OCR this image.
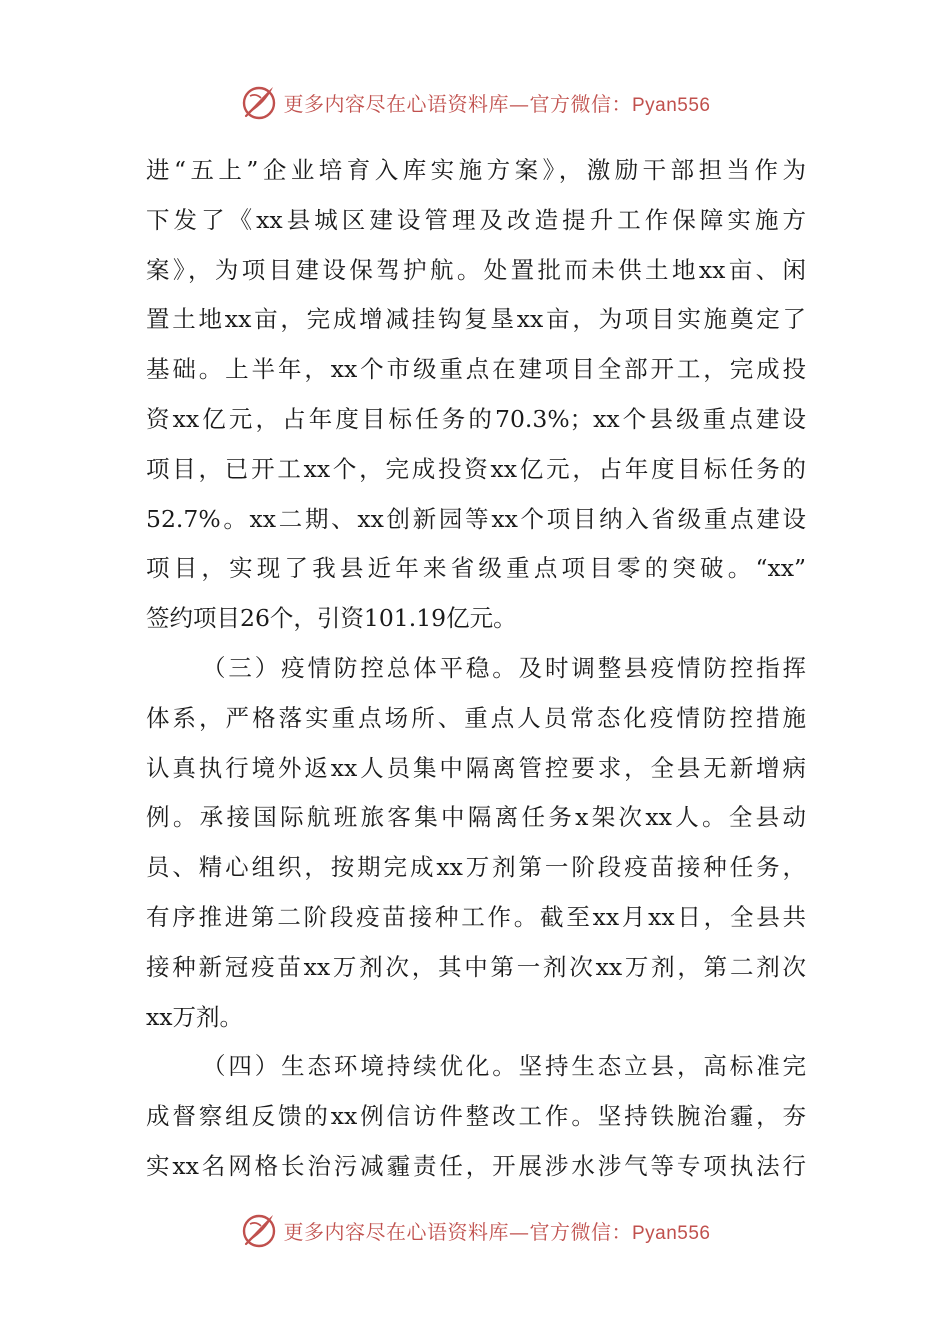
更多内容尽在心语资料库—官方微信：Pyan556
进“五上”企业培育入库实施方案》，激励干部担当作为
下发了《xx县城区建设管理及改造提升工作保障实施方
案》，为项目建设保驾护航。处置批而未供土地xx亩、闲
置土地xx亩，完成增减挂钩复垦xx亩，为项目实施奠定了
基础。上半年，xx个市级重点在建项目全部开工，完成投
资xx亿元，占年度目标任务的70.3%；xx个县级重点建设
项目，已开工xx个，完成投资xx亿元，占年度目标任务的
52.7%。xx二期、xx创新园等xx个项目纳入省级重点建设
项目，实现了我县近年来省级重点项目零的突破。“xx”
签约项目26个，引资101.19亿元。
（三）疫情防控总体平稳。及时调整县疫情防控指挥
体系，严格落实重点场所、重点人员常态化疫情防控措施
认真执行境外返xx人员集中隔离管控要求，全县无新增病
例。承接国际航班旅客集中隔离任务x架次xx人。全县动
员、精心组织，按期完成xx万剂第一阶段疫苗接种任务，
有序推进第二阶段疫苗接种工作。截至xx月xx日，全县共
接种新冠疫苗xx万剂次，其中第一剂次xx万剂，第二剂次
xx万剂。
（四）生态环境持续优化。坚持生态立县，高标准完
成督察组反馈的xx例信访件整改工作。坚持铁腕治霾，夯
实xx名网格长治污减霾责任，开展涉水涉气等专项执法行
更多内容尽在心语资料库—官方微信：Pyan556
